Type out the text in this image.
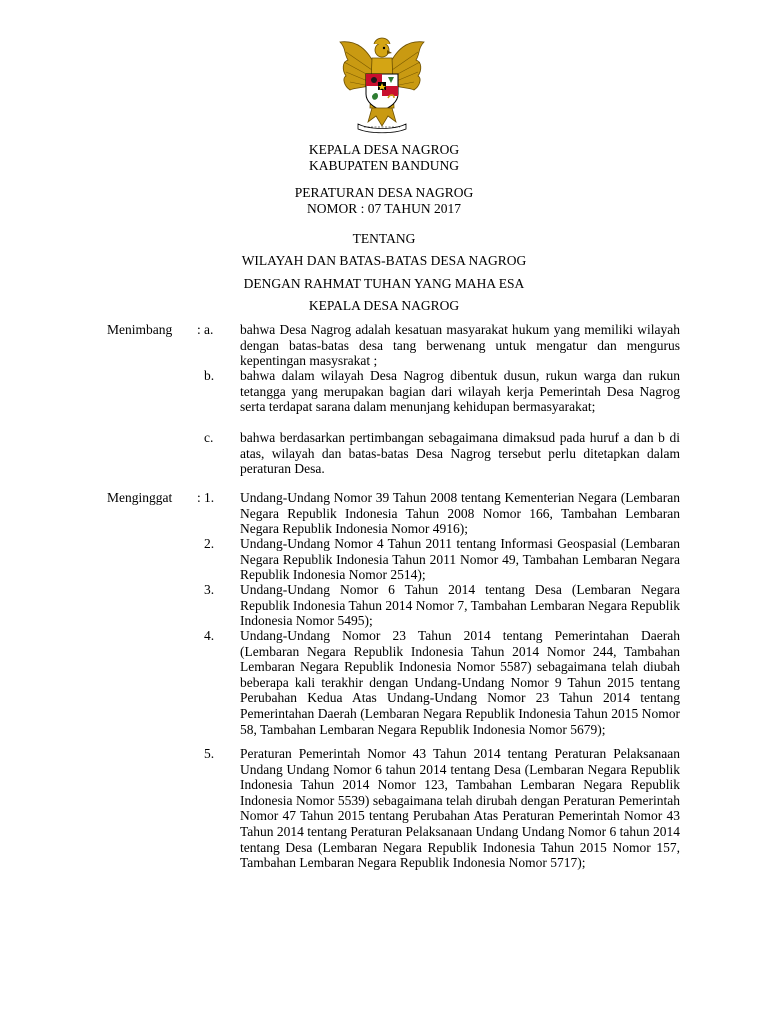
KEPALA DESA NAGROG
KABUPATEN BANDUNG
PERATURAN DESA NAGROG
NOMOR : 07 TAHUN 2017
TENTANG
WILAYAH DAN BATAS-BATAS DESA NAGROG
DENGAN RAHMAT TUHAN YANG MAHA ESA
KEPALA DESA NAGROG
Menimbang : a. bahwa Desa Nagrog adalah kesatuan masyarakat hukum yang memiliki wilayah dengan batas-batas desa tang berwenang untuk mengatur dan mengurus kepentingan masysrakat ;
b. bahwa dalam wilayah Desa Nagrog dibentuk dusun, rukun warga dan rukun tetangga yang merupakan bagian dari wilayah kerja Pemerintah Desa Nagrog serta terdapat sarana dalam menunjang kehidupan bermasyarakat;
c. bahwa berdasarkan pertimbangan sebagaimana dimaksud pada huruf a dan b di atas, wilayah dan batas-batas Desa Nagrog tersebut perlu ditetapkan dalam peraturan Desa.
Menginggat : 1. Undang-Undang Nomor 39 Tahun 2008 tentang Kementerian Negara (Lembaran Negara Republik Indonesia Tahun 2008 Nomor 166, Tambahan Lembaran Negara Republik Indonesia Nomor 4916);
2. Undang-Undang Nomor 4 Tahun 2011 tentang Informasi Geospasial (Lembaran Negara Republik Indonesia Tahun 2011 Nomor 49, Tambahan Lembaran Negara Republik Indonesia Nomor 2514);
3. Undang-Undang Nomor 6 Tahun 2014 tentang Desa (Lembaran Negara Republik Indonesia Tahun 2014 Nomor 7, Tambahan Lembaran Negara Republik Indonesia Nomor 5495);
4. Undang-Undang Nomor 23 Tahun 2014 tentang Pemerintahan Daerah (Lembaran Negara Republik Indonesia Tahun 2014 Nomor 244, Tambahan Lembaran Negara Republik Indonesia Nomor 5587) sebagaimana telah diubah beberapa kali terakhir dengan Undang-Undang Nomor 9 Tahun 2015 tentang Perubahan Kedua Atas Undang-Undang Nomor 23 Tahun 2014 tentang Pemerintahan Daerah (Lembaran Negara Republik Indonesia Tahun 2015 Nomor 58, Tambahan Lembaran Negara Republik Indonesia Nomor 5679);
5. Peraturan Pemerintah Nomor 43 Tahun 2014 tentang Peraturan Pelaksanaan Undang Undang Nomor 6 tahun 2014 tentang Desa (Lembaran Negara Republik Indonesia Tahun 2014 Nomor 123, Tambahan Lembaran Negara Republik Indonesia Nomor 5539) sebagaimana telah dirubah dengan Peraturan Pemerintah Nomor 47 Tahun 2015 tentang Perubahan Atas Peraturan Pemerintah Nomor 43 Tahun 2014 tentang Peraturan Pelaksanaan Undang Undang Nomor 6 tahun 2014 tentang Desa (Lembaran Negara Republik Indonesia Tahun 2015 Nomor 157, Tambahan Lembaran Negara Republik Indonesia Nomor 5717);
